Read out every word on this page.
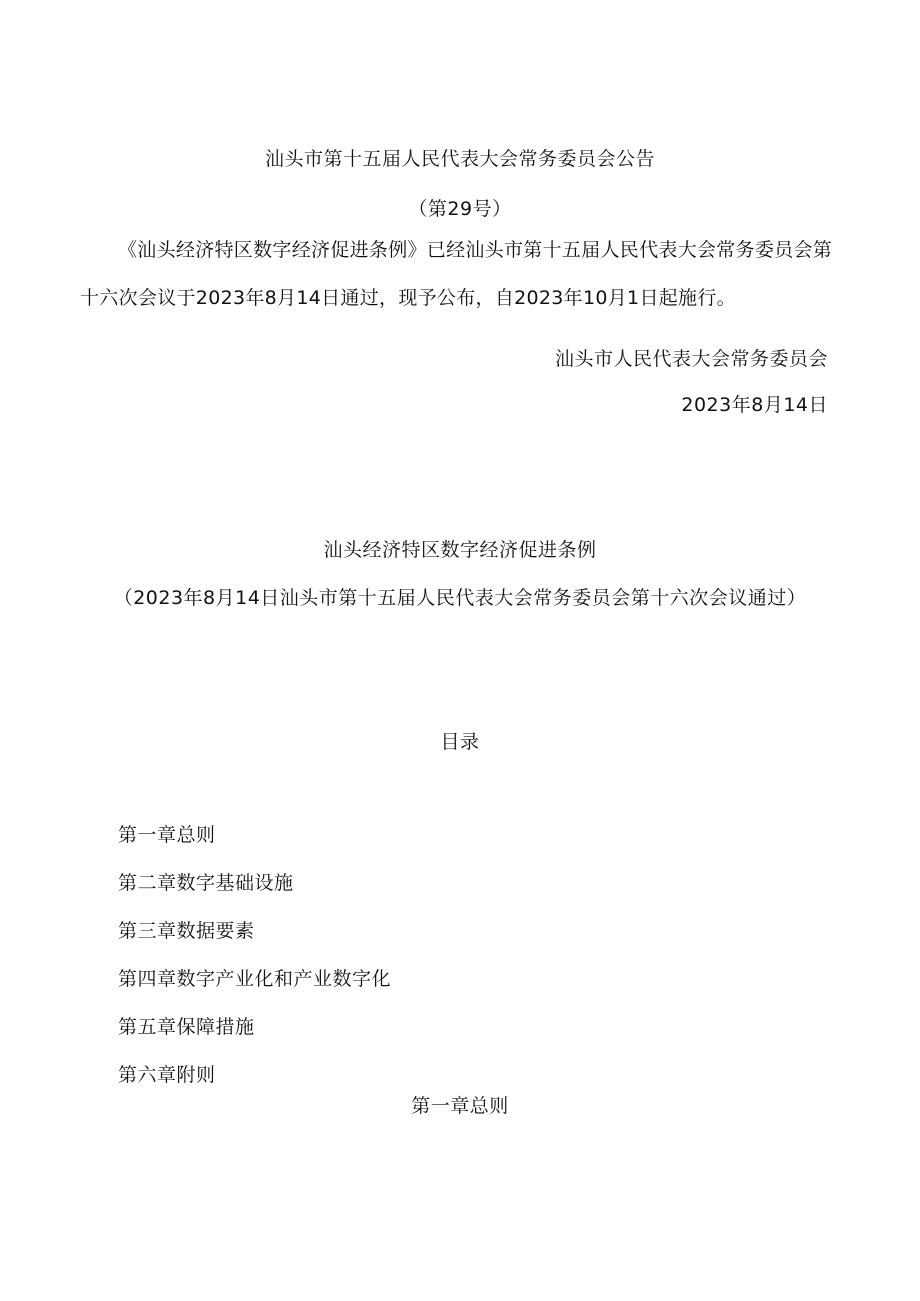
汕头市第十五届人民代表大会常务委员会公告
（第29号）
《汕头经济特区数字经济促进条例》已经汕头市第十五届人民代表大会常务委员会第十六次会议于2023年8月14日通过，现予公布，自2023年10月1日起施行。
汕头市人民代表大会常务委员会
2023年8月14日
汕头经济特区数字经济促进条例
（2023年8月14日汕头市第十五届人民代表大会常务委员会第十六次会议通过）
目录
第一章总则
第二章数字基础设施
第三章数据要素
第四章数字产业化和产业数字化
第五章保障措施
第六章附则
第一章总则
